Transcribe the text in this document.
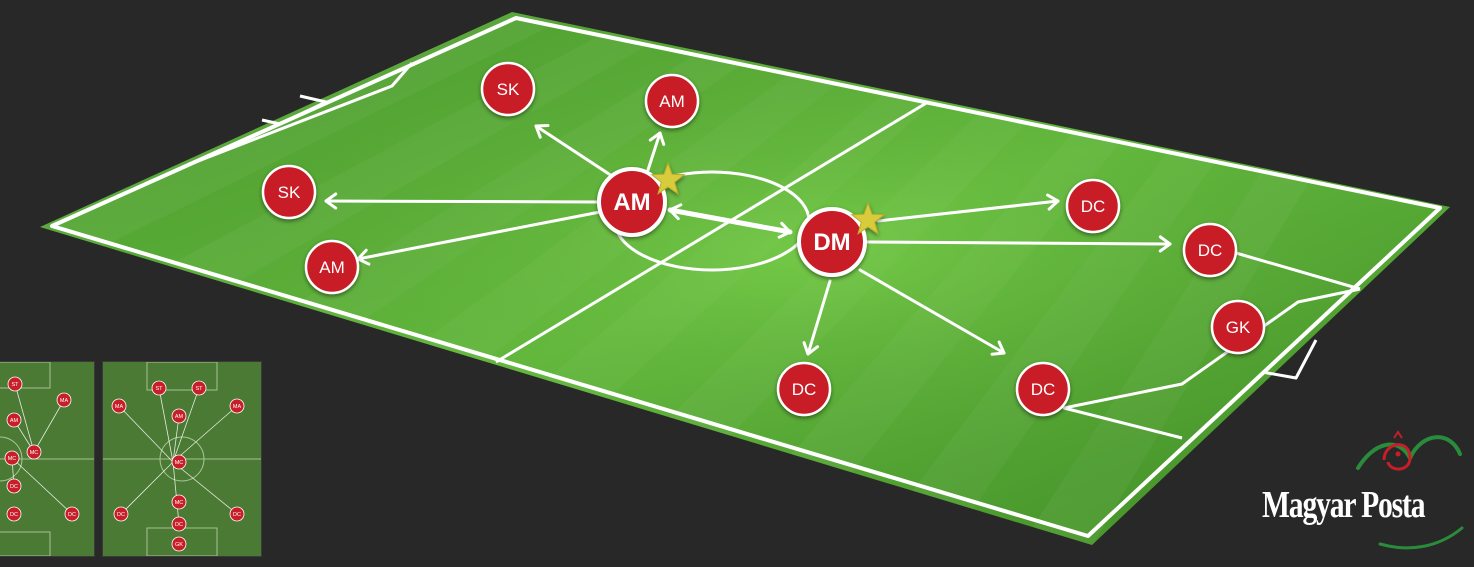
SK
AM
SK
AM
AM
DM
DC
DC
GK
DC	DC
ST
MA
AM
MC
MC
DC
DC	DC
ST	ST
MA	MA
AM
MC
MC
DC	DC
DC
GK

Magyar Posta
